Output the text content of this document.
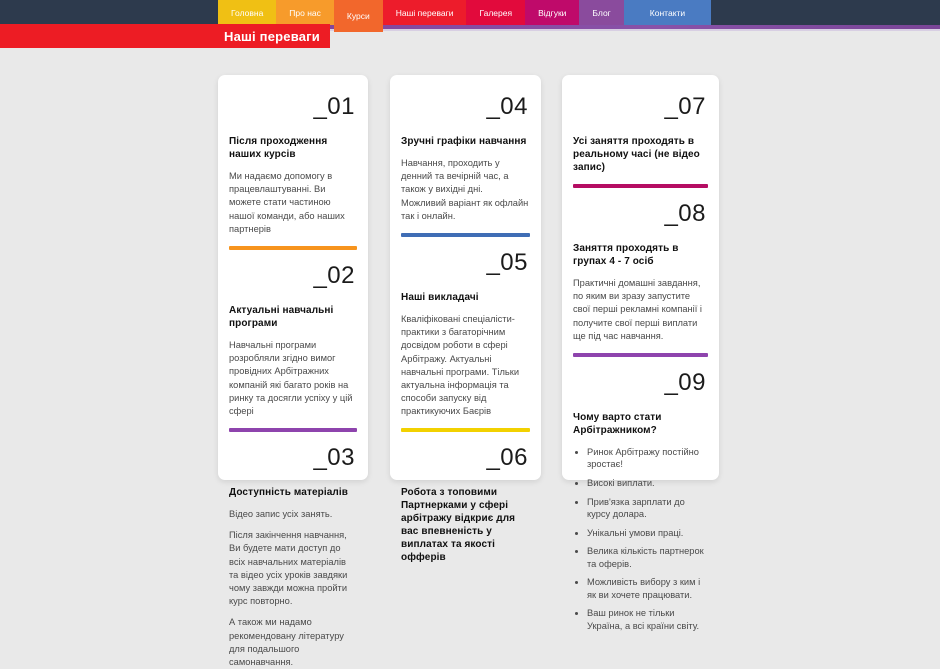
Головна	Про нас	Курси	Наші переваги	Галерея	Відгуки	Блог	Контакти
Наші переваги
_01
Після проходження наших курсів

Ми надаємо допомогу в працевлаштуванні. Ви можете стати частиною нашої команди, або наших партнерів

_02
Актуальні навчальні програми

Навчальні програми розробляли згідно вимог провідних Арбітражних компаній які багато років на ринку та досягли успіху у цій сфері

_03
Доступність матеріалів

Відео запис усіх занять.

Після закінчення навчання, Ви будете мати доступ до всіх навчальних матеріалів та відео усіх уроків завдяки чому завжди можна пройти курс повторно.

А також ми надамо рекомендовану літературу для подальшого самонавчання.

_04
Зручні графіки навчання

Навчання, проходить у денний та вечірній час, а також у вихідні дні. Можливий варіант як офлайн так і онлайн.

_05
Наші викладачі

Кваліфіковані спеціалісти-практики з багаторічним досвідом роботи в сфері Арбітражу. Актуальні навчальні програми. Тільки актуальна інформація та способи запуску від практикуючих Баєрів

_06
Робота з топовими Партнерками у сфері арбітражу відкриє для вас впевненість у виплатах та якості офферів
_07
Усі заняття проходять в реальному часі (не відео запис)
_08
Заняття проходять в групах 4 - 7 осіб

Практичні домашні завдання, по яким ви зразу запустите свої перші рекламні компанії і получите свої перші виплати ще під час навчання.

_09
Чому варто стати Арбітражником?
• Ринок Арбітражу постійно зростає!
• Високі виплати.
• Прив'язка зарплати до курсу долара.
• Унікальні умови праці.
• Велика кількість партнерок та оферів.
• Можливість вибору з ким і як ви хочете працювати.
• Ваш ринок не тільки Україна, а всі країни світу.
